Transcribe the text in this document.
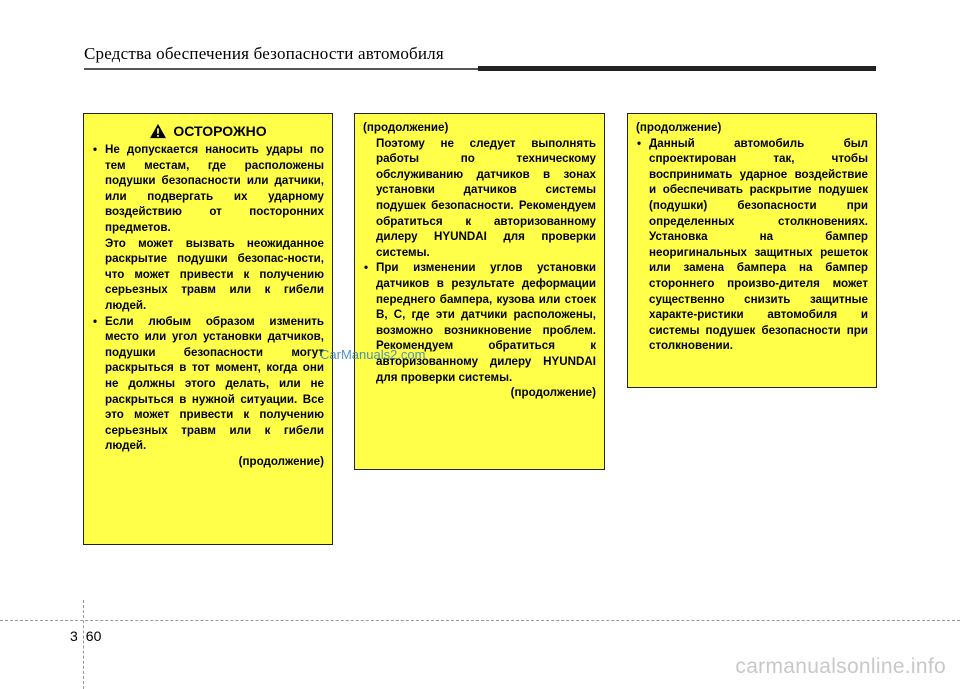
Средства обеспечения безопасности автомобиля
ОСТОРОЖНО
• Не допускается наносить удары по тем местам, где расположены подушки безопасности или датчики, или подвергать их ударному воздействию от посторонних предметов.
Это может вызвать неожиданное раскрытие подушки безопас-ности, что может привести к получению серьезных травм или к гибели людей.
• Если любым образом изменить место или угол установки датчиков, подушки безопасности могут раскрыться в тот момент, когда они не должны этого делать, или не раскрыться в нужной ситуации. Все это может привести к получению серьезных травм или к гибели людей.
(продолжение)
(продолжение)
Поэтому не следует выполнять работы по техническому обслуживанию датчиков в зонах установки датчиков системы подушек безопасности. Рекомендуем обратиться к авторизованному дилеру HYUNDAI для проверки системы.
• При изменении углов установки датчиков в результате деформации переднего бампера, кузова или стоек B, C, где эти датчики расположены, возможно возникновение проблем. Рекомендуем обратиться к авторизованному дилеру HYUNDAI для проверки системы.
(продолжение)
(продолжение)
• Данный автомобиль был спроектирован так, чтобы воспринимать ударное воздействие и обеспечивать раскрытие подушек (подушки) безопасности при определенных столкновениях. Установка на бампер неоригинальных защитных решеток или замена бампера на бампер стороннего произво-дителя может существенно снизить защитные характе-ристики автомобиля и системы подушек безопасности при столкновении.
CarManuals2.com
3 60
carmanualsonline.info
